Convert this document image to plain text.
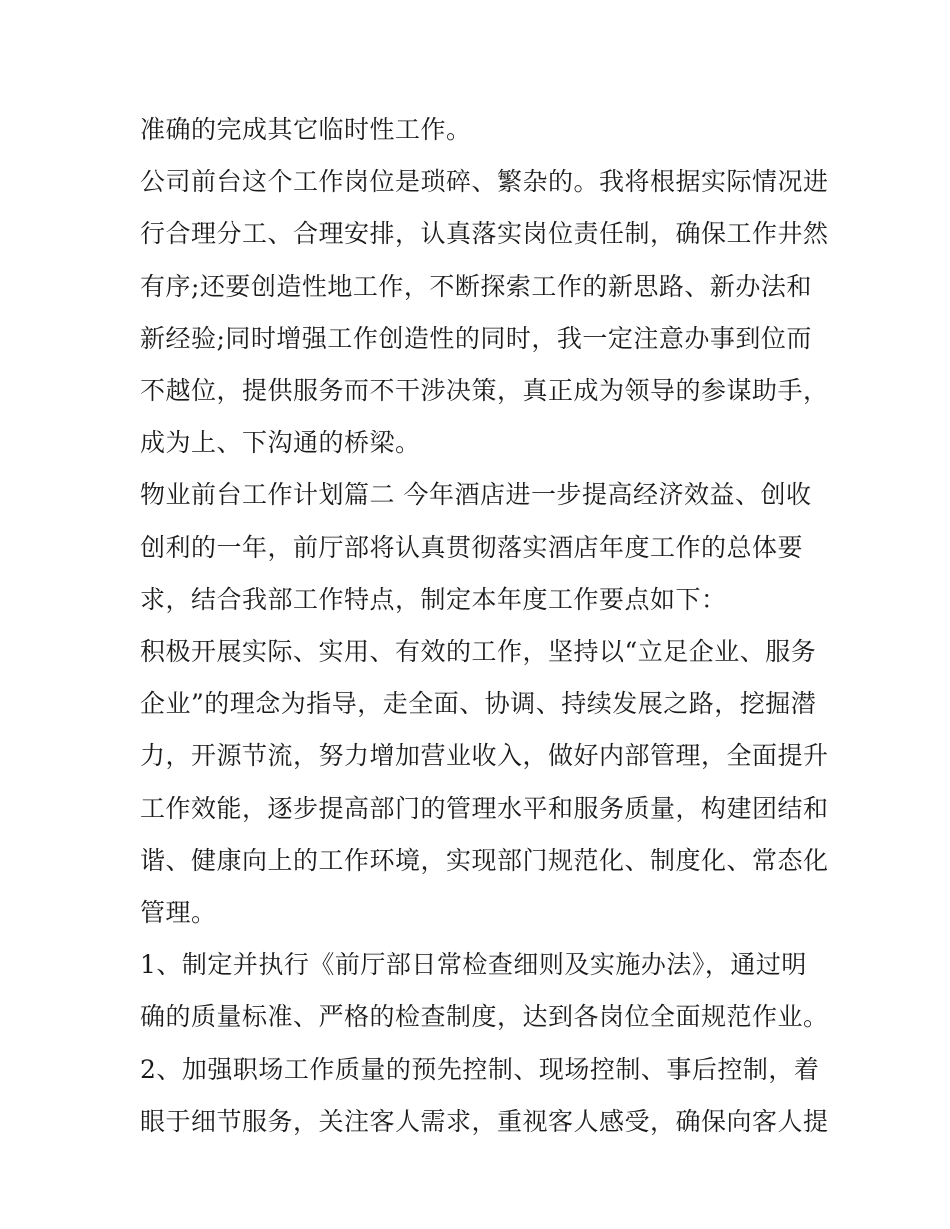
准确的完成其它临时性工作。

公司前台这个工作岗位是琐碎、繁杂的。我将根据实际情况进

行合理分工、合理安排，认真落实岗位责任制，确保工作井然

有序;还要创造性地工作，不断探索工作的新思路、新办法和

新经验;同时增强工作创造性的同时，我一定注意办事到位而

不越位，提供服务而不干涉决策，真正成为领导的参谋助手，

成为上、下沟通的桥梁。

物业前台工作计划篇二 今年酒店进一步提高经济效益、创收

创利的一年，前厅部将认真贯彻落实酒店年度工作的总体要

求，结合我部工作特点，制定本年度工作要点如下：

积极开展实际、实用、有效的工作，坚持以“立足企业、服务

企业”的理念为指导，走全面、协调、持续发展之路，挖掘潜

力，开源节流，努力增加营业收入，做好内部管理，全面提升

工作效能，逐步提高部门的管理水平和服务质量，构建团结和

谐、健康向上的工作环境，实现部门规范化、制度化、常态化

管理。

1、制定并执行《前厅部日常检查细则及实施办法》，通过明

确的质量标准、严格的检查制度，达到各岗位全面规范作业。

2、加强职场工作质量的预先控制、现场控制、事后控制，着

眼于细节服务，关注客人需求，重视客人感受，确保向客人提
